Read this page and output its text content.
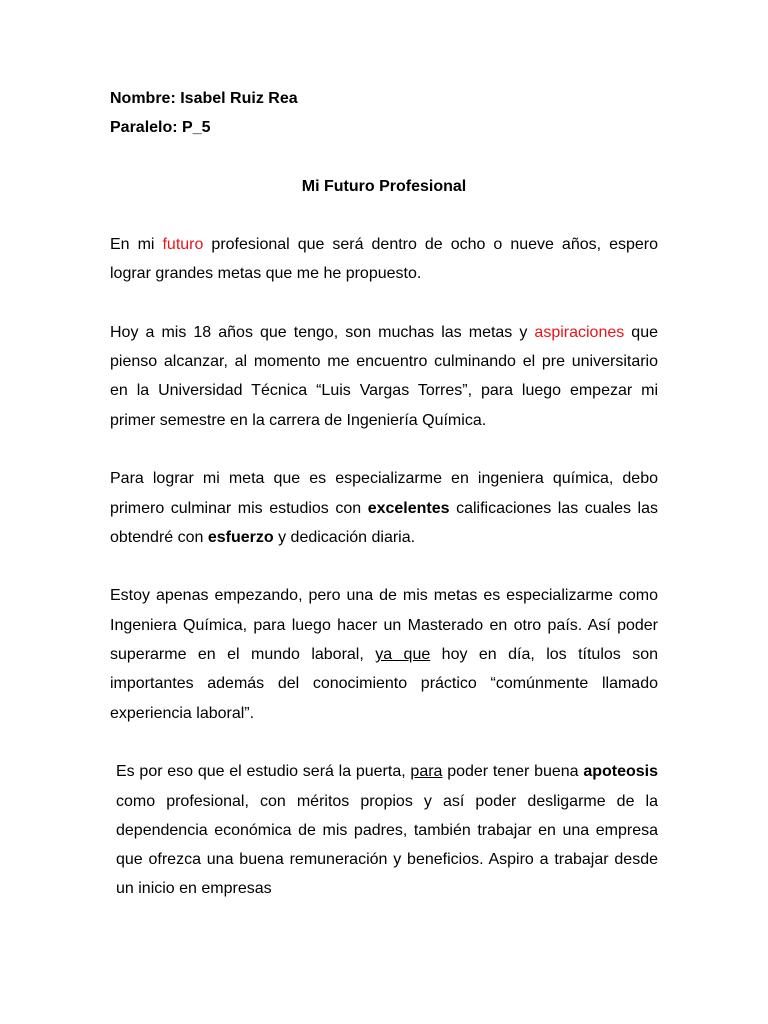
Nombre: Isabel Ruiz Rea

Paralelo: P_5

Mi Futuro Profesional

En mi futuro profesional que será dentro de ocho o nueve años, espero lograr grandes metas que me he propuesto.

Hoy a mis 18 años que tengo, son muchas las metas y aspiraciones que pienso alcanzar, al momento me encuentro culminando el pre universitario en la Universidad Técnica “Luis Vargas Torres”, para luego empezar mi primer semestre en la carrera de Ingeniería Química.

Para lograr mi meta que es especializarme en ingeniera química, debo primero culminar mis estudios con excelentes calificaciones las cuales las obtendré con esfuerzo y dedicación diaria.

Estoy apenas empezando, pero una de mis metas es especializarme como Ingeniera Química, para luego hacer un Masterado en otro país. Así poder superarme en el mundo laboral, ya que hoy en día, los títulos son importantes además del conocimiento práctico “comúnmente llamado experiencia laboral”.

Es por eso que el estudio será la puerta, para poder tener buena apoteosis como profesional, con méritos propios y así poder desligarme de la dependencia económica de mis padres, también trabajar en una empresa que ofrezca una buena remuneración y beneficios. Aspiro a trabajar desde un inicio en empresas
